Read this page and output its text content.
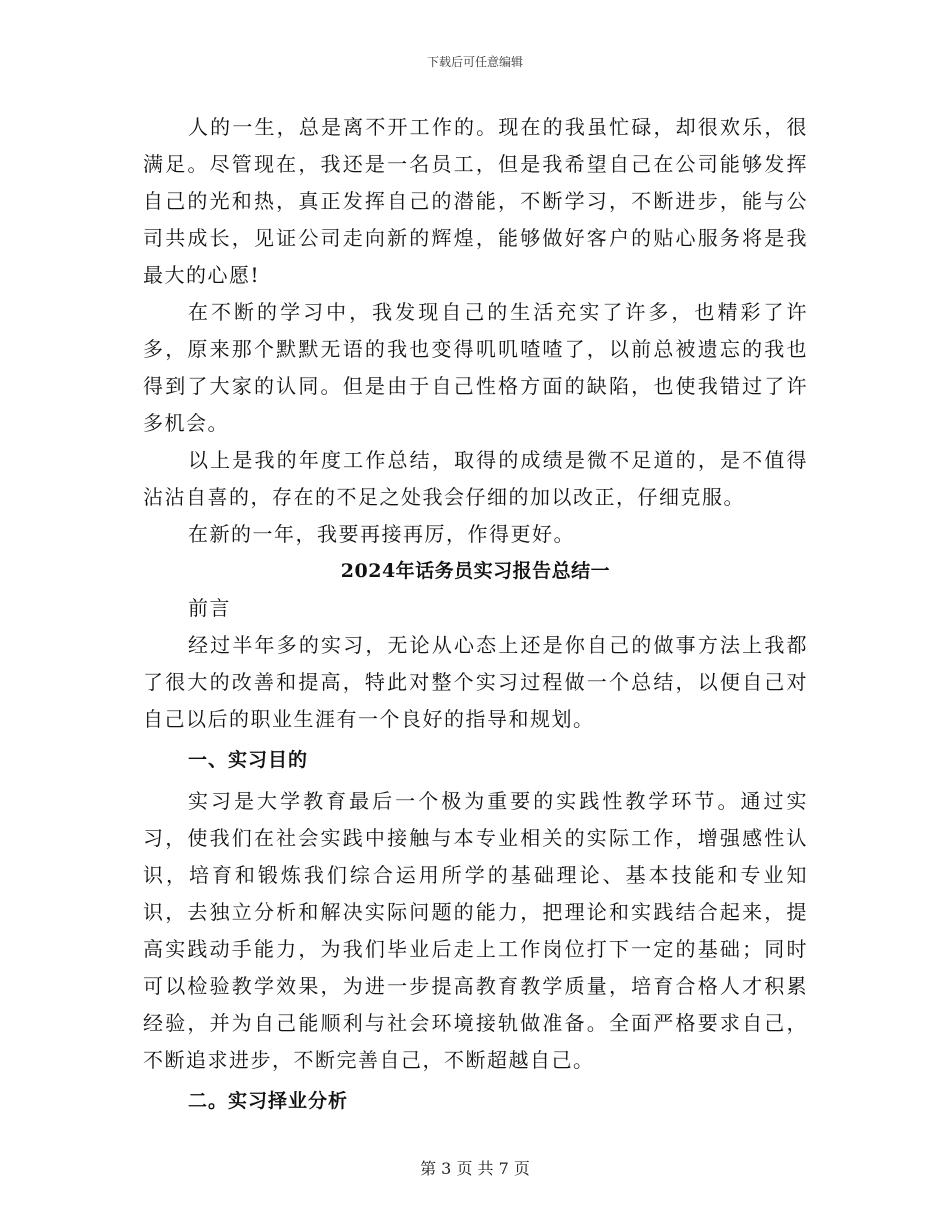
下载后可任意编辑

人的一生，总是离不开工作的。现在的我虽忙碌，却很欢乐，很满足。尽管现在，我还是一名员工，但是我希望自己在公司能够发挥自己的光和热，真正发挥自己的潜能，不断学习，不断进步，能与公司共成长，见证公司走向新的辉煌，能够做好客户的贴心服务将是我最大的心愿!

在不断的学习中，我发现自己的生活充实了许多，也精彩了许多，原来那个默默无语的我也变得叽叽喳喳了，以前总被遗忘的我也得到了大家的认同。但是由于自己性格方面的缺陷，也使我错过了许多机会。

以上是我的年度工作总结，取得的成绩是微不足道的，是不值得沾沾自喜的，存在的不足之处我会仔细的加以改正，仔细克服。

在新的一年，我要再接再厉，作得更好。

2024年话务员实习报告总结一

前言

经过半年多的实习，无论从心态上还是你自己的做事方法上我都了很大的改善和提高，特此对整个实习过程做一个总结，以便自己对自己以后的职业生涯有一个良好的指导和规划。

一、实习目的

实习是大学教育最后一个极为重要的实践性教学环节。通过实习，使我们在社会实践中接触与本专业相关的实际工作，增强感性认识，培育和锻炼我们综合运用所学的基础理论、基本技能和专业知识，去独立分析和解决实际问题的能力，把理论和实践结合起来，提高实践动手能力，为我们毕业后走上工作岗位打下一定的基础；同时可以检验教学效果，为进一步提高教育教学质量，培育合格人才积累经验，并为自己能顺利与社会环境接轨做准备。全面严格要求自己，不断追求进步，不断完善自己，不断超越自己。

二。实习择业分析

第 3 页 共 7 页
